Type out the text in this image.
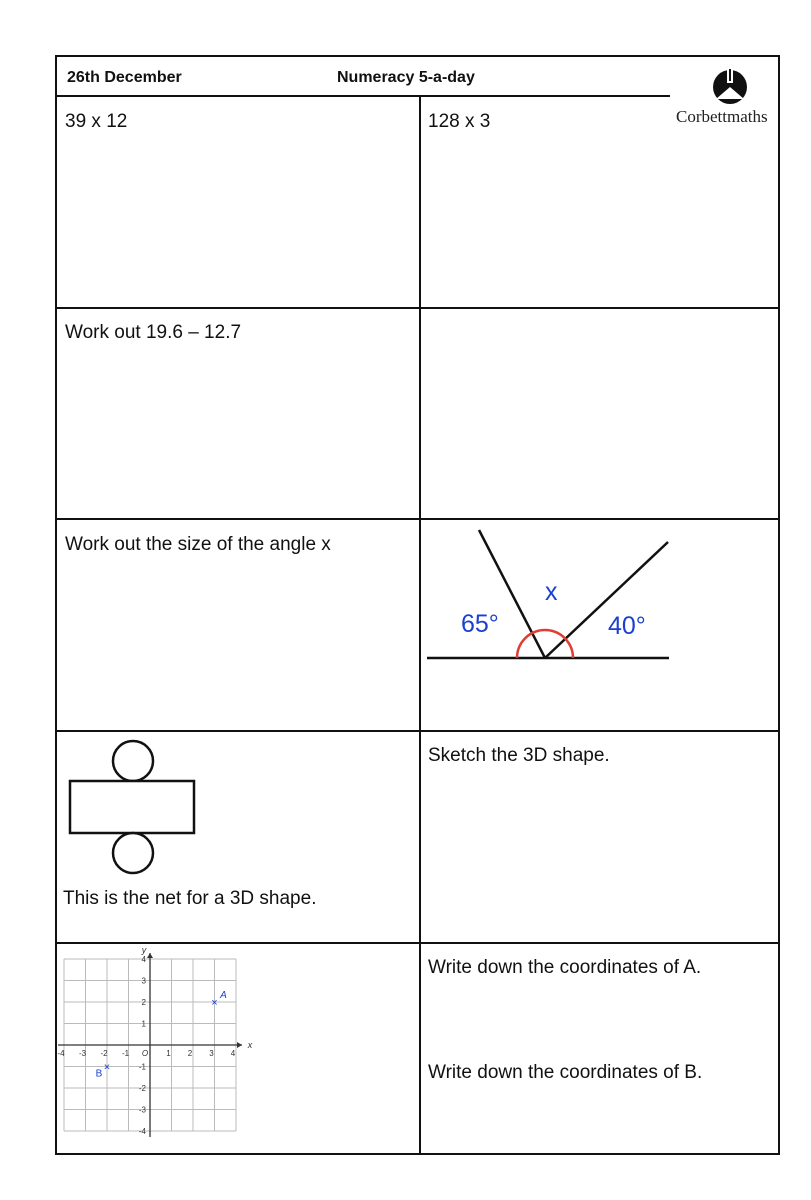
26th December	Numeracy 5-a-day
Corbettmaths
39 x 12	128 x 3
Work out 19.6 – 12.7
Work out the size of the angle x
65°
x
40°
This is the net for a 3D shape.
Sketch the 3D shape.
-4 -3 -2 -1 O 1 2 3 4
4
3
2
1
-1
-2
-3
-4
x
y
×
A
×
B
Write down the coordinates of A.
Write down the coordinates of B.
